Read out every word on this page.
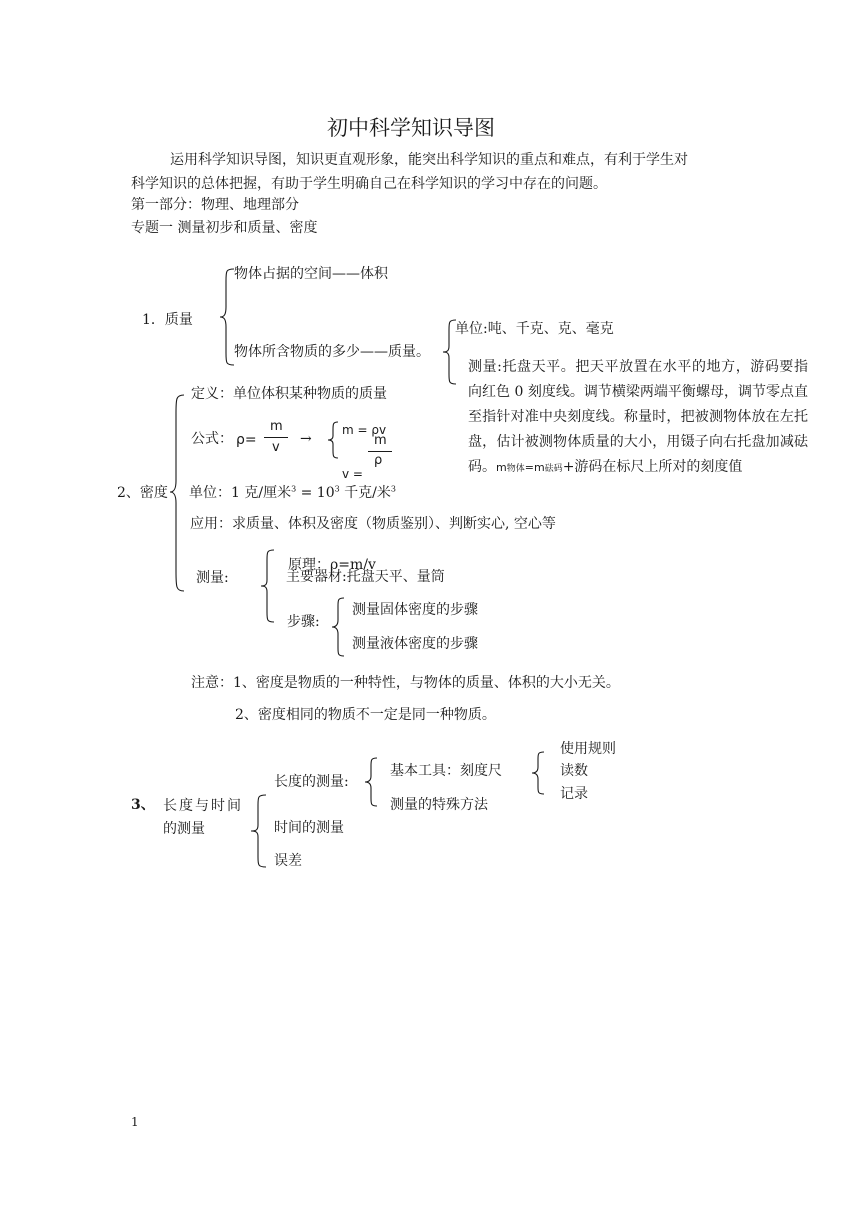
初中科学知识导图
运用科学知识导图，知识更直观形象，能突出科学知识的重点和难点，有利于学生对
科学知识的总体把握，有助于学生明确自己在科学知识的学习中存在的问题。
第一部分：物理、地理部分
专题一 测量初步和质量、密度
1．质量
物体占据的空间——体积
物体所含物质的多少——质量。
单位:吨、千克、克、毫克
测量:托盘天平。把天平放置在水平的地方，游码要指向红色 0 刻度线。调节横梁两端平衡螺母，调节零点直至指针对准中央刻度线。称量时，把被测物体放在左托盘，估计被测物体质量的大小，用镊子向右托盘加减砝码。m物体=m砝码+游码在标尺上所对的刻度值
2、密度
定义：单位体积某种物质的质量
公式： ρ=
m
v
→
m = ρv
m
ρ
v =
单位：1 克/厘米$^3 = 10^3$ 千克/米$^3$
应用：求质量、体积及密度（物质鉴别）、判断实心, 空心等
测量:
原理：ρ=m/v
主要器材:托盘天平、量筒
步骤:
测量固体密度的步骤
测量液体密度的步骤
注意：1、密度是物质的一种特性，与物体的质量、体积的大小无关。
2、密度相同的物质不一定是同一种物质。
3、 长度与时间
的测量
长度的测量:
基本工具：刻度尺
测量的特殊方法
使用规则
读数
记录
时间的测量
误差
1
